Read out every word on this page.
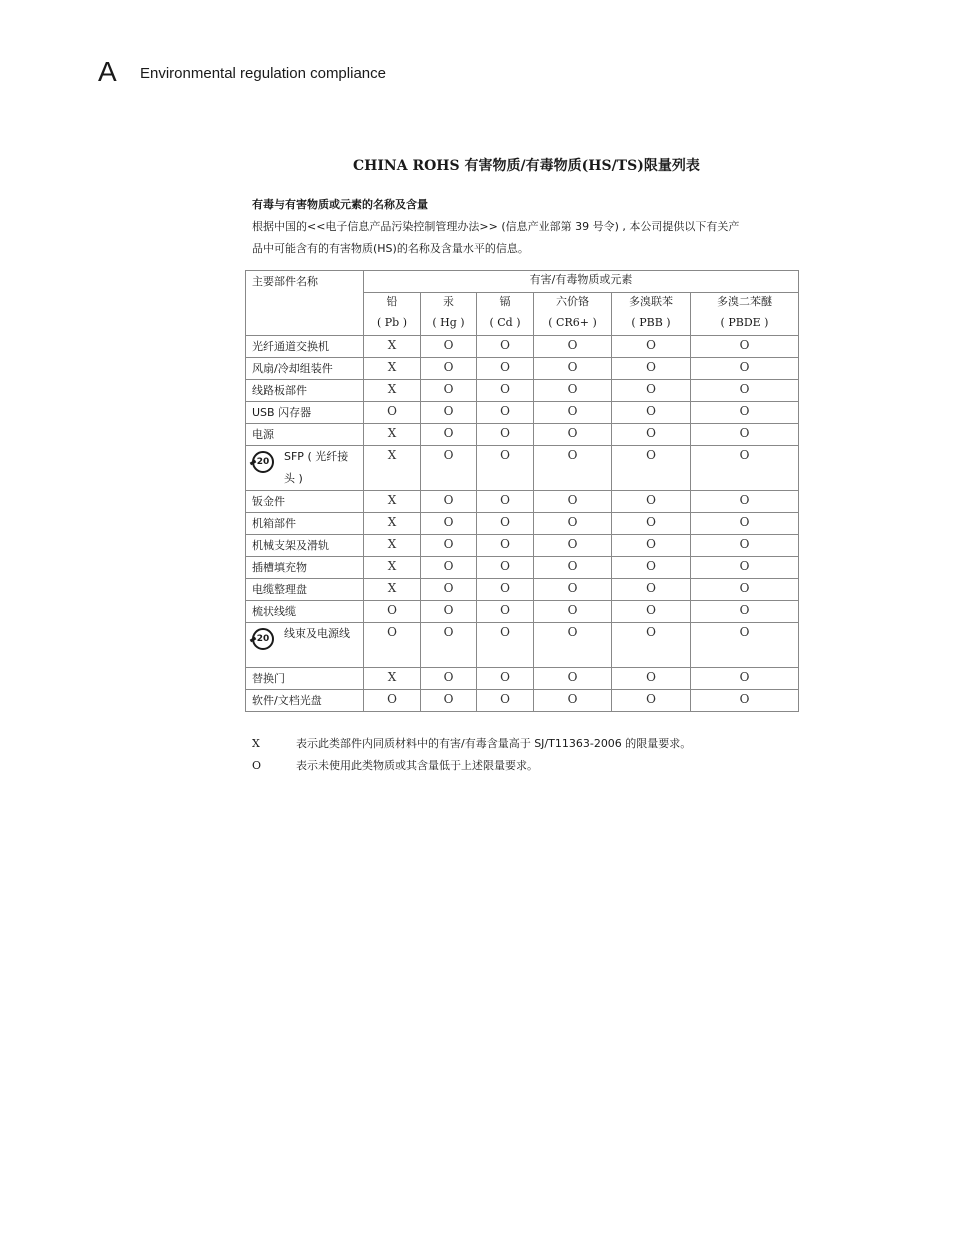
A Environmental regulation compliance
CHINA ROHS 有害物质/有毒物质(HS/TS)限量列表

有毒与有害物质或元素的名称及含量

根据中国的<<电子信息产品污染控制管理办法>> (信息产业部第 39 号令) , 本公司提供以下有关产

品中可能含有的有害物质(HS)的名称及含量水平的信息。

主要部件名称	有害/有毒物质或元素					
	铅	汞	镉	六价铬	多溴联苯	多溴二苯醚
	( Pb )	( Hg )	( Cd )	( CR6+ )	( PBB )	( PBDE )
光纤通道交换机	X	O	O	O	O	O
风扇/冷却组装件	X	O	O	O	O	O
线路板部件	X	O	O	O	O	O
USB 闪存器	O	O	O	O	O	O
电源	X	O	O	O	O	O

20 SFP ( 光纤接头 )	X	O	O	O	O	O
钣金件	X	O	O	O	O	O
机箱部件	X	O	O	O	O	O
机械支架及滑轨	X	O	O	O	O	O
插槽填充物	X	O	O	O	O	O
电缆整理盘	X	O	O	O	O	O
梳状线缆	O	O	O	O	O	O

20 线束及电源线	O	O	O	O	O	O
替换门	X	O	O	O	O	O
软件/文档光盘	O	O	O	O	O	O
X	表示此类部件内同质材料中的有害/有毒含量高于 SJ/T11363-2006 的限量要求。
O	表示未使用此类物质或其含量低于上述限量要求。
